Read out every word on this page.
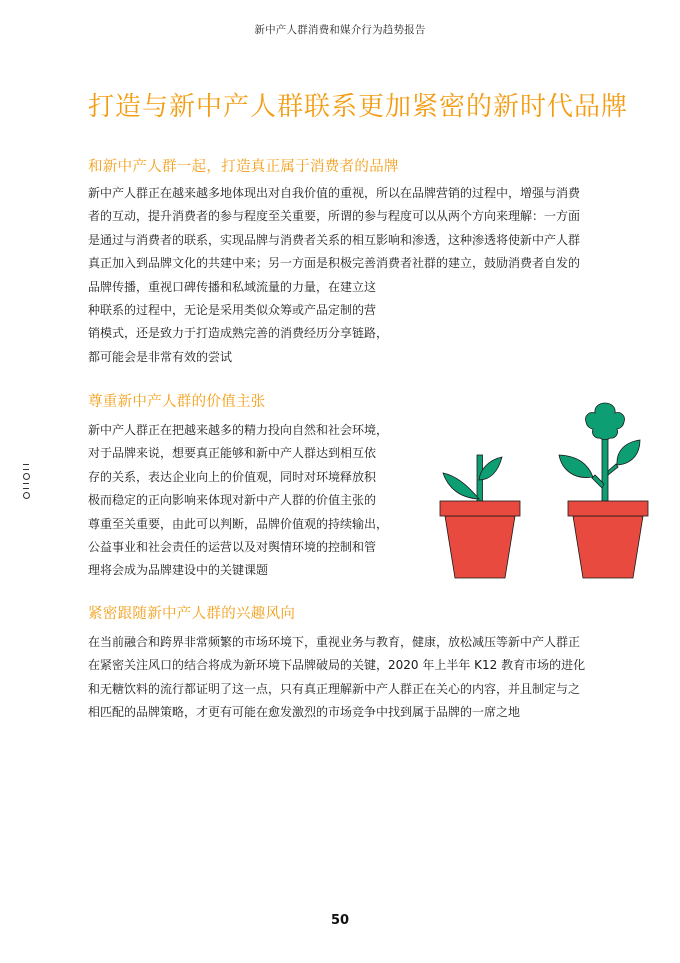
新中产人群消费和媒介行为趋势报告
打造与新中产人群联系更加紧密的新时代品牌
和新中产人群一起，打造真正属于消费者的品牌
新中产人群正在越来越多地体现出对自我价值的重视，所以在品牌营销的过程中，增强与消费
者的互动，提升消费者的参与程度至关重要，所谓的参与程度可以从两个方向来理解：一方面
是通过与消费者的联系，实现品牌与消费者关系的相互影响和渗透，这种渗透将使新中产人群
真正加入到品牌文化的共建中来；另一方面是积极完善消费者社群的建立，鼓励消费者自发的
品牌传播，重视口碑传播和私域流量的力量，在建立这
种联系的过程中，无论是采用类似众筹或产品定制的营
销模式，还是致力于打造成熟完善的消费经历分享链路，
都可能会是非常有效的尝试
尊重新中产人群的价值主张
新中产人群正在把越来越多的精力投向自然和社会环境，
对于品牌来说，想要真正能够和新中产人群达到相互依
存的关系，表达企业向上的价值观，同时对环境释放积
极而稳定的正向影响来体现对新中产人群的价值主张的
尊重至关重要，由此可以判断，品牌价值观的持续输出，
公益事业和社会责任的运营以及对舆情环境的控制和管
理将会成为品牌建设中的关键课题
紧密跟随新中产人群的兴趣风向
在当前融合和跨界非常频繁的市场环境下，重视业务与教育，健康，放松减压等新中产人群正
在紧密关注风口的结合将成为新环境下品牌破局的关键，2020 年上半年 K12 教育市场的进化
和无糖饮料的流行都证明了这一点，只有真正理解新中产人群正在关心的内容，并且制定与之
相匹配的品牌策略，才更有可能在愈发激烈的市场竞争中找到属于品牌的一席之地
50
